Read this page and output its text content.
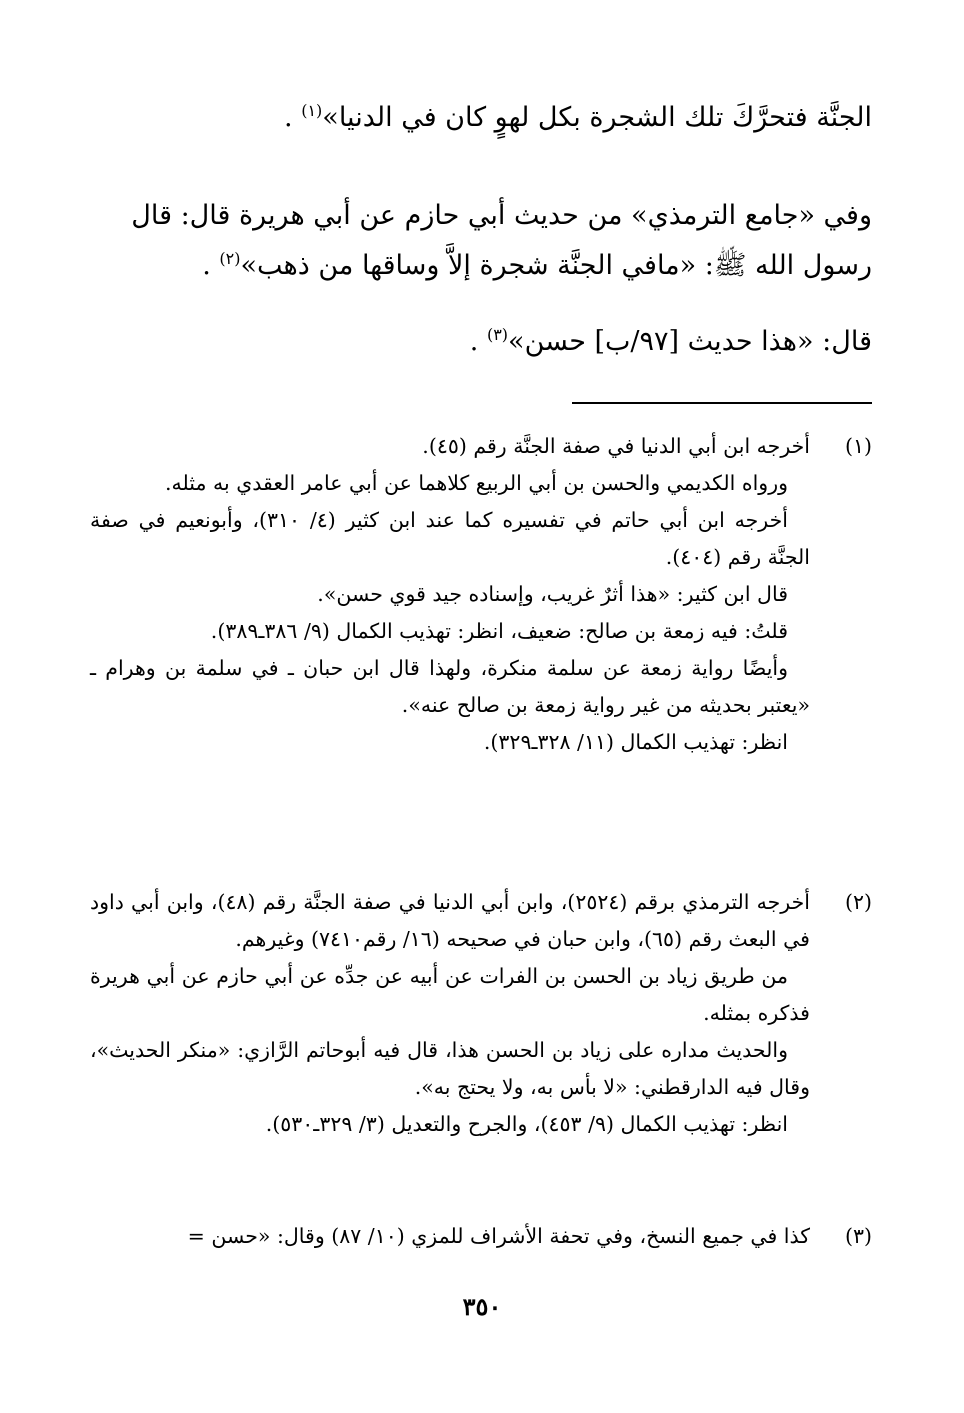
الجنَّة فتحرَّكَ تلك الشجرة بكل لهوٍ كان في الدنيا»$^{(١)}$ .
وفي «جامع الترمذي» من حديث أبي حازم عن أبي هريرة قال: قال
رسول الله ﷺ: «مافي الجنَّة شجرة إلاَّ وساقها من ذهب»$^{(٢)}$ .
قال: «هذا حديث [٩٧/ب] حسن»$^{(٣)}$ .
(١)
أخرجه ابن أبي الدنيا في صفة الجنَّة رقم (٤٥).
ورواه الكديمي والحسن بن أبي الربيع كلاهما عن أبي عامر العقدي به مثله.
أخرجه ابن أبي حاتم في تفسيره كما عند ابن كثير (٤/ ٣١٠)، وأبونعيم في صفة الجنَّة رقم (٤٠٤).
قال ابن كثير: «هذا أثرٌ غريب، وإسناده جيد قوي حسن».
قلتُ: فيه زمعة بن صالح: ضعيف، انظر: تهذيب الكمال (٩/ ٣٨٦ـ٣٨٩).
وأيضًا رواية زمعة عن سلمة منكرة، ولهذا قال ابن حبان ـ في سلمة بن وهرام ـ «يعتبر بحديثه من غير رواية زمعة بن صالح عنه».
انظر: تهذيب الكمال (١١/ ٣٢٨ـ٣٢٩).
(٢)
أخرجه الترمذي برقم (٢٥٢٤)، وابن أبي الدنيا في صفة الجنَّة رقم (٤٨)، وابن أبي داود في البعث رقم (٦٥)، وابن حبان في صحيحه (١٦/ رقم٧٤١٠) وغيرهم.
من طريق زياد بن الحسن بن الفرات عن أبيه عن جدِّه عن أبي حازم عن أبي هريرة فذكره بمثله.
والحديث مداره على زياد بن الحسن هذا، قال فيه أبوحاتم الرَّازي: «منكر الحديث»، وقال فيه الدارقطني: «لا بأس به، ولا يحتج به».
انظر: تهذيب الكمال (٩/ ٤٥٣)، والجرح والتعديل (٣/ ٣٢٩ـ٥٣٠).
(٣)
كذا في جميع النسخ، وفي تحفة الأشراف للمزي (١٠/ ٨٧) وقال: «حسن =
٣٥٠
